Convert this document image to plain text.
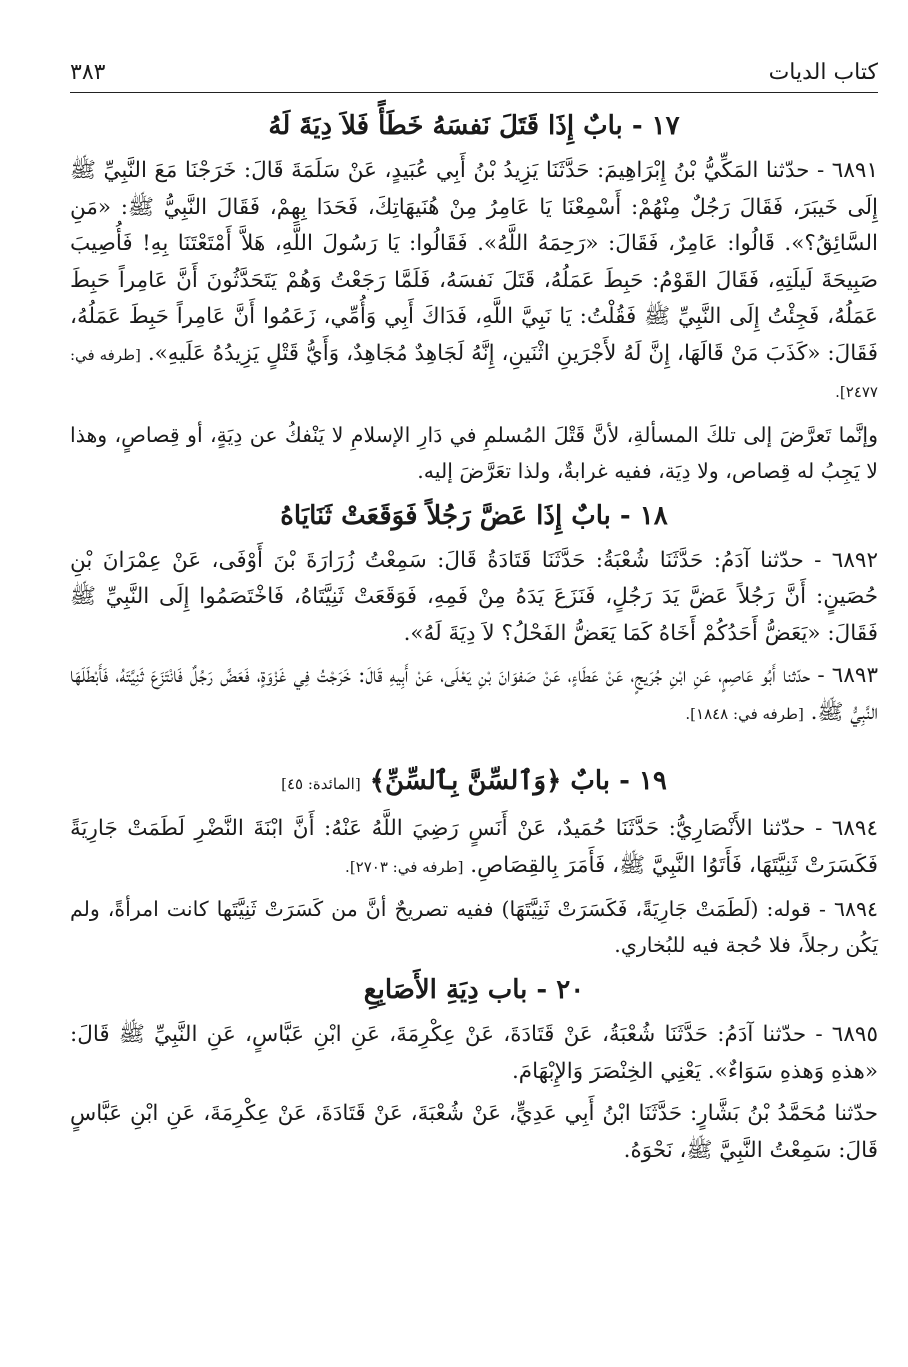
كتاب الديات
٣٨٣
١٧ - بابٌ إِذَا قَتَلَ نَفسَهُ خَطَأً فَلاَ دِيَةَ لَهُ

٦٨٩١ - حدّثنا المَكِّيُّ بْنُ إِبْرَاهِيمَ: حَدَّثَنَا يَزِيدُ بْنُ أَبِي عُبَيدٍ، عَنْ سَلَمَةَ قَالَ: خَرَجْنَا مَعَ النَّبِيِّ ﷺ إِلَى خَيبَرَ، فَقَالَ رَجُلٌ مِنْهُمْ: أَسْمِعْنَا يَا عَامِرُ مِنْ هُنَيهَاتِكَ، فَحَدَا بِهِمْ، فَقَالَ النَّبِيُّ ﷺ: «مَنِ السَّائِقُ؟». قَالُوا: عَامِرٌ، فَقَالَ: «رَحِمَهُ اللَّهُ». فَقَالُوا: يَا رَسُولَ اللَّهِ، هَلاَّ أَمْتَعْتَنَا بِهِ! فَأُصِيبَ صَبِيحَةَ لَيلَتِهِ، فَقَالَ القَوْمُ: حَبِطَ عَمَلُهُ، قَتَلَ نَفسَهُ، فَلَمَّا رَجَعْتُ وَهُمْ يَتَحَدَّثُونَ أَنَّ عَامِراً حَبِطَ عَمَلُهُ، فَجِئْتُ إِلَى النَّبِيِّ ﷺ فَقُلْتُ: يَا نَبِيَّ اللَّهِ، فَدَاكَ أَبِي وَأُمِّي، زَعَمُوا أَنَّ عَامِراً حَبِطَ عَمَلُهُ، فَقَالَ: «كَذَبَ مَنْ قَالَهَا، إِنَّ لَهُ لأَجْرَينِ اثْنَينِ، إِنَّهُ لَجَاهِدٌ مُجَاهِدٌ، وَأَيُّ قَتْلٍ يَزِيدُهُ عَلَيهِ». [طرفه في: ٢٤٧٧].

وإنَّما تَعرَّضَ إلى تلكَ المسألةِ، لأنَّ قَتْلَ المُسلمِ في دَارِ الإسلامِ لا يَنْفكُ عن دِيَةٍ، أو قِصاصٍ، وهذا لا يَجِبُ له قِصاص، ولا دِيَة، ففيه غرابةٌ، ولذا تعَرَّضَ إليه.

١٨ - بابٌ إِذَا عَضَّ رَجُلاً فَوَقَعَتْ ثَنَايَاهُ

٦٨٩٢ - حدّثنا آدَمُ: حَدَّثَنَا شُعْبَةُ: حَدَّثَنَا قَتَادَةُ قَالَ: سَمِعْتُ زُرَارَةَ بْنَ أَوْفَى، عَنْ عِمْرَانَ بْنِ حُصَينٍ: أَنَّ رَجُلاً عَضَّ يَدَ رَجُلٍ، فَنَزَعَ يَدَهُ مِنْ فَمِهِ، فَوَقَعَتْ ثَنِيَّتَاهُ، فَاخْتَصَمُوا إِلَى النَّبِيِّ ﷺ فَقَالَ: «يَعَضُّ أَحَدُكُمْ أَخَاهُ كَمَا يَعَضُّ الفَحْلُ؟ لاَ دِيَةَ لَهُ».

٦٨٩٣ - حدّثنا أَبُو عَاصِمٍ، عَنِ ابْنِ جُرَيجٍ، عَنْ عَطَاءٍ، عَنْ صَفوَانَ بْنِ يَعْلَى، عَنْ أَبِيهِ قَالَ: خَرَجْتُ فِي غَزْوَةٍ، فَعَضَّ رَجُلٌ فَانْتَزَعَ ثَنِيَّتَهُ، فَأَبْطَلَهَا النَّبِيُّ ﷺ. [طرفه في: ١٨٤٨].

١٩ - بابٌ ﴿وَٱلسِّنَّ بِٱلسِّنِّ﴾ [المائدة: ٤٥]

٦٨٩٤ - حدّثنا الأَنْصَارِيُّ: حَدَّثَنَا حُمَيدٌ، عَنْ أَنَسٍ رَضِيَ اللَّهُ عَنْهُ: أَنَّ ابْنَةَ النَّضْرِ لَطَمَتْ جَارِيَةً فَكَسَرَتْ ثَنِيَّتَهَا، فَأَتَوُا النَّبِيَّ ﷺ، فَأَمَرَ بِالقِصَاصِ. [طرفه في: ٢٧٠٣].

٦٨٩٤ - قوله: (لَطَمَتْ جَارِيَةً، فَكَسَرَتْ ثَنِيَّتَهَا) ففيه تصريحٌ أنَّ من كَسَرَتْ ثَنِيَّتَها كانت امرأةً، ولم يَكُن رجلاً، فلا حُجة فيه للبُخاري.

٢٠ - باب دِيَةِ الأَصَابِعِ

٦٨٩٥ - حدّثنا آدَمُ: حَدَّثَنَا شُعْبَةُ، عَنْ قَتَادَةَ، عَنْ عِكْرِمَةَ، عَنِ ابْنِ عَبَّاسٍ، عَنِ النَّبِيِّ ﷺ قَالَ: «هذهِ وَهذهِ سَوَاءٌ». يَعْنِي الخِنْصَرَ وَالإِبْهَامَ.

حدّثنا مُحَمَّدُ بْنُ بَشَّارٍ: حَدَّثَنَا ابْنُ أَبِي عَدِيٍّ، عَنْ شُعْبَةَ، عَنْ قَتَادَةَ، عَنْ عِكْرِمَةَ، عَنِ ابْنِ عَبَّاسٍ قَالَ: سَمِعْتُ النَّبِيَّ ﷺ، نَحْوَهُ.
